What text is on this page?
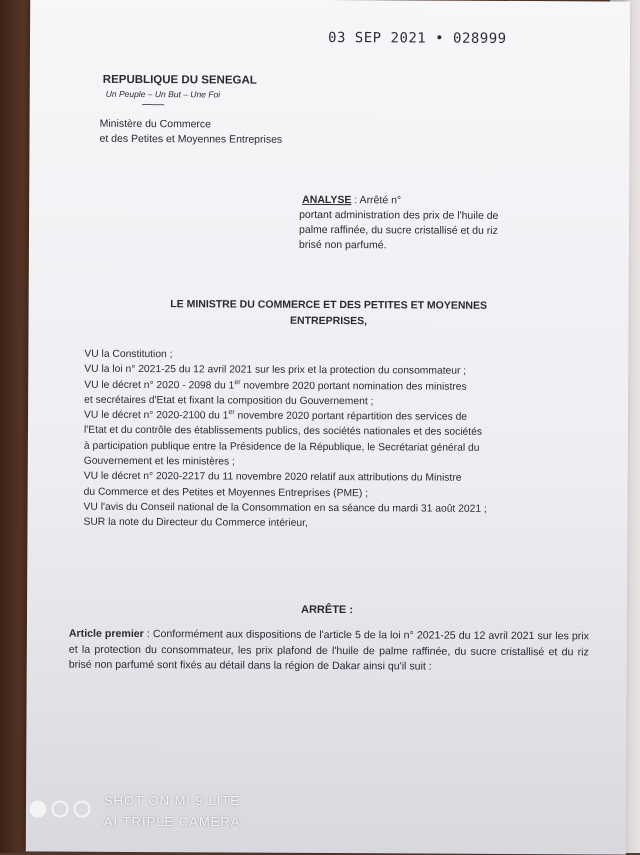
03 SEP 2021 • 028999
REPUBLIQUE DU SENEGAL
Un Peuple – Un But – Une Foi
-----------
Ministère du Commerce
et des Petites et Moyennes Entreprises
ANALYSE : Arrêté n°
portant administration des prix de l'huile de
palme raffinée, du sucre cristallisé et du riz
brisé non parfumé.
LE MINISTRE DU COMMERCE ET DES PETITES ET MOYENNES
ENTREPRISES,

VU la Constitution ;

VU la loi n° 2021-25 du 12 avril 2021 sur les prix et la protection du consommateur ;

VU le décret n° 2020 - 2098 du 1er novembre 2020 portant nomination des ministres

et secrétaires d'Etat et fixant la composition du Gouvernement ;

VU le décret n° 2020-2100 du 1er novembre 2020 portant répartition des services de

l'Etat et du contrôle des établissements publics, des sociétés nationales et des sociétés

à participation publique entre la Présidence de la République, le Secrétariat général du

Gouvernement et les ministères ;

VU le décret n° 2020-2217 du 11 novembre 2020 relatif aux attributions du Ministre

du Commerce et des Petites et Moyennes Entreprises (PME) ;

VU l'avis du Conseil national de la Consommation en sa séance du mardi 31 août 2021 ;

SUR la note du Directeur du Commerce intérieur,

ARRÊTE :
Article premier : Conformément aux dispositions de l'article 5 de la loi n° 2021-25 du 12 avril 2021 sur les prix et la protection du consommateur, les prix plafond de l'huile de palme raffinée, du sucre cristallisé et du riz brisé non parfumé sont fixés au détail dans la région de Dakar ainsi qu'il suit :
SHOT ON MI 9 LITE
AI TRIPLE CAMERA
